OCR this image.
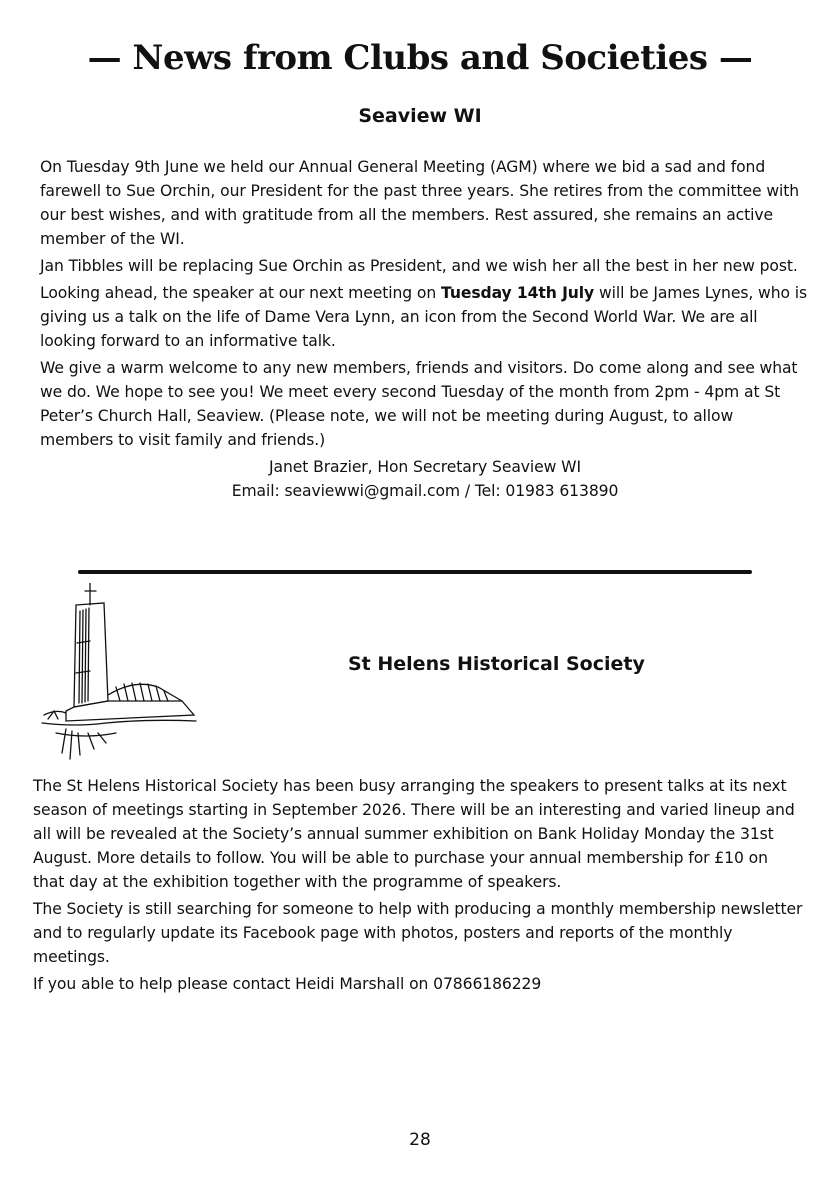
— News from Clubs and Societies —
Seaview WI

On Tuesday 9th June we held our Annual General Meeting (AGM) where we bid a sad and fond farewell to Sue Orchin, our President for the past three years. She retires from the committee with our best wishes, and with gratitude from all the members. Rest assured, she remains an active member of the WI.

Jan Tibbles will be replacing Sue Orchin as President, and we wish her all the best in her new post.

Looking ahead, the speaker at our next meeting on Tuesday 14th July will be James Lynes, who is giving us a talk on the life of Dame Vera Lynn, an icon from the Second World War. We are all looking forward to an informative talk.

We give a warm welcome to any new members, friends and visitors. Do come along and see what we do. We hope to see you! We meet every second Tuesday of the month from 2pm - 4pm at St Peter’s Church Hall, Seaview. (Please note, we will not be meeting during August, to allow members to visit family and friends.)

Janet Brazier, Hon Secretary Seaview WI
Email: seaviewwi@gmail.com / Tel: 01983 613890
St Helens Historical Society

The St Helens Historical Society has been busy arranging the speakers to present talks at its next season of meetings starting in September 2026. There will be an interesting and varied lineup and all will be revealed at the Society’s annual summer exhibition on Bank Holiday Monday the 31st August. More details to follow. You will be able to purchase your annual membership for £10 on that day at the exhibition together with the programme of speakers.

The Society is still searching for someone to help with producing a monthly membership newsletter and to regularly update its Facebook page with photos, posters and reports of the monthly meetings.

If you able to help please contact Heidi Marshall on 07866186229

28
